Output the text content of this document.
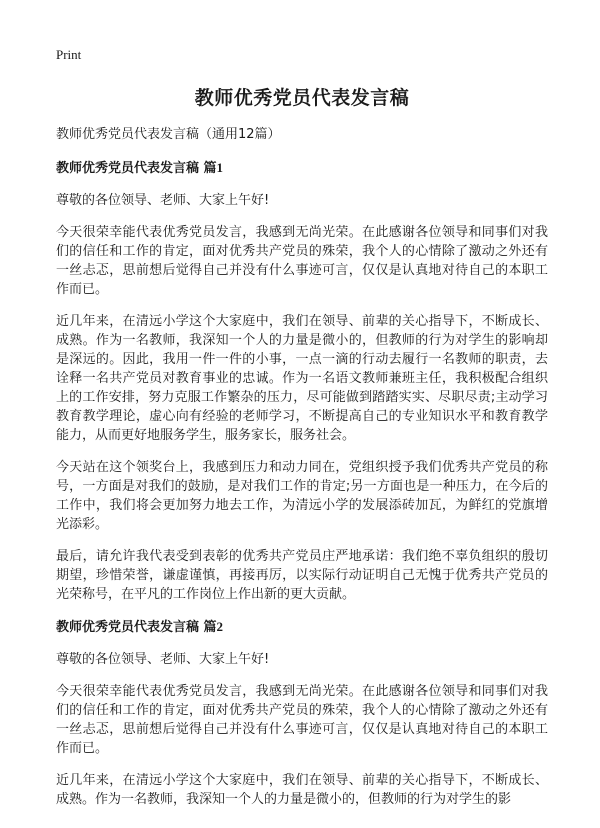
Print
教师优秀党员代表发言稿

教师优秀党员代表发言稿（通用12篇）

教师优秀党员代表发言稿 篇1

尊敬的各位领导、老师、大家上午好!

今天很荣幸能代表优秀党员发言，我感到无尚光荣。在此感谢各位领导和同事们对我们的信任和工作的肯定，面对优秀共产党员的殊荣，我个人的心情除了激动之外还有一丝忐忑，思前想后觉得自己并没有什么事迹可言，仅仅是认真地对待自己的本职工作而已。

近几年来，在清远小学这个大家庭中，我们在领导、前辈的关心指导下，不断成长、成熟。作为一名教师，我深知一个人的力量是微小的，但教师的行为对学生的影响却是深远的。因此，我用一件一件的小事，一点一滴的行动去履行一名教师的职责，去诠释一名共产党员对教育事业的忠诚。作为一名语文教师兼班主任，我积极配合组织上的工作安排，努力克服工作繁杂的压力，尽可能做到踏踏实实、尽职尽责;主动学习教育教学理论，虚心向有经验的老师学习，不断提高自己的专业知识水平和教育教学能力，从而更好地服务学生，服务家长，服务社会。

今天站在这个领奖台上，我感到压力和动力同在，党组织授予我们优秀共产党员的称号，一方面是对我们的鼓励，是对我们工作的肯定;另一方面也是一种压力，在今后的工作中，我们将会更加努力地去工作，为清远小学的发展添砖加瓦，为鲜红的党旗增光添彩。

最后，请允许我代表受到表彰的优秀共产党员庄严地承诺：我们绝不辜负组织的殷切期望，珍惜荣誉，谦虚谨慎，再接再厉，以实际行动证明自己无愧于优秀共产党员的光荣称号，在平凡的工作岗位上作出新的更大贡献。

教师优秀党员代表发言稿 篇2

尊敬的各位领导、老师、大家上午好!

今天很荣幸能代表优秀党员发言，我感到无尚光荣。在此感谢各位领导和同事们对我们的信任和工作的肯定，面对优秀共产党员的殊荣，我个人的心情除了激动之外还有一丝忐忑，思前想后觉得自己并没有什么事迹可言，仅仅是认真地对待自己的本职工作而已。

近几年来，在清远小学这个大家庭中，我们在领导、前辈的关心指导下，不断成长、成熟。作为一名教师，我深知一个人的力量是微小的，但教师的行为对学生的影
